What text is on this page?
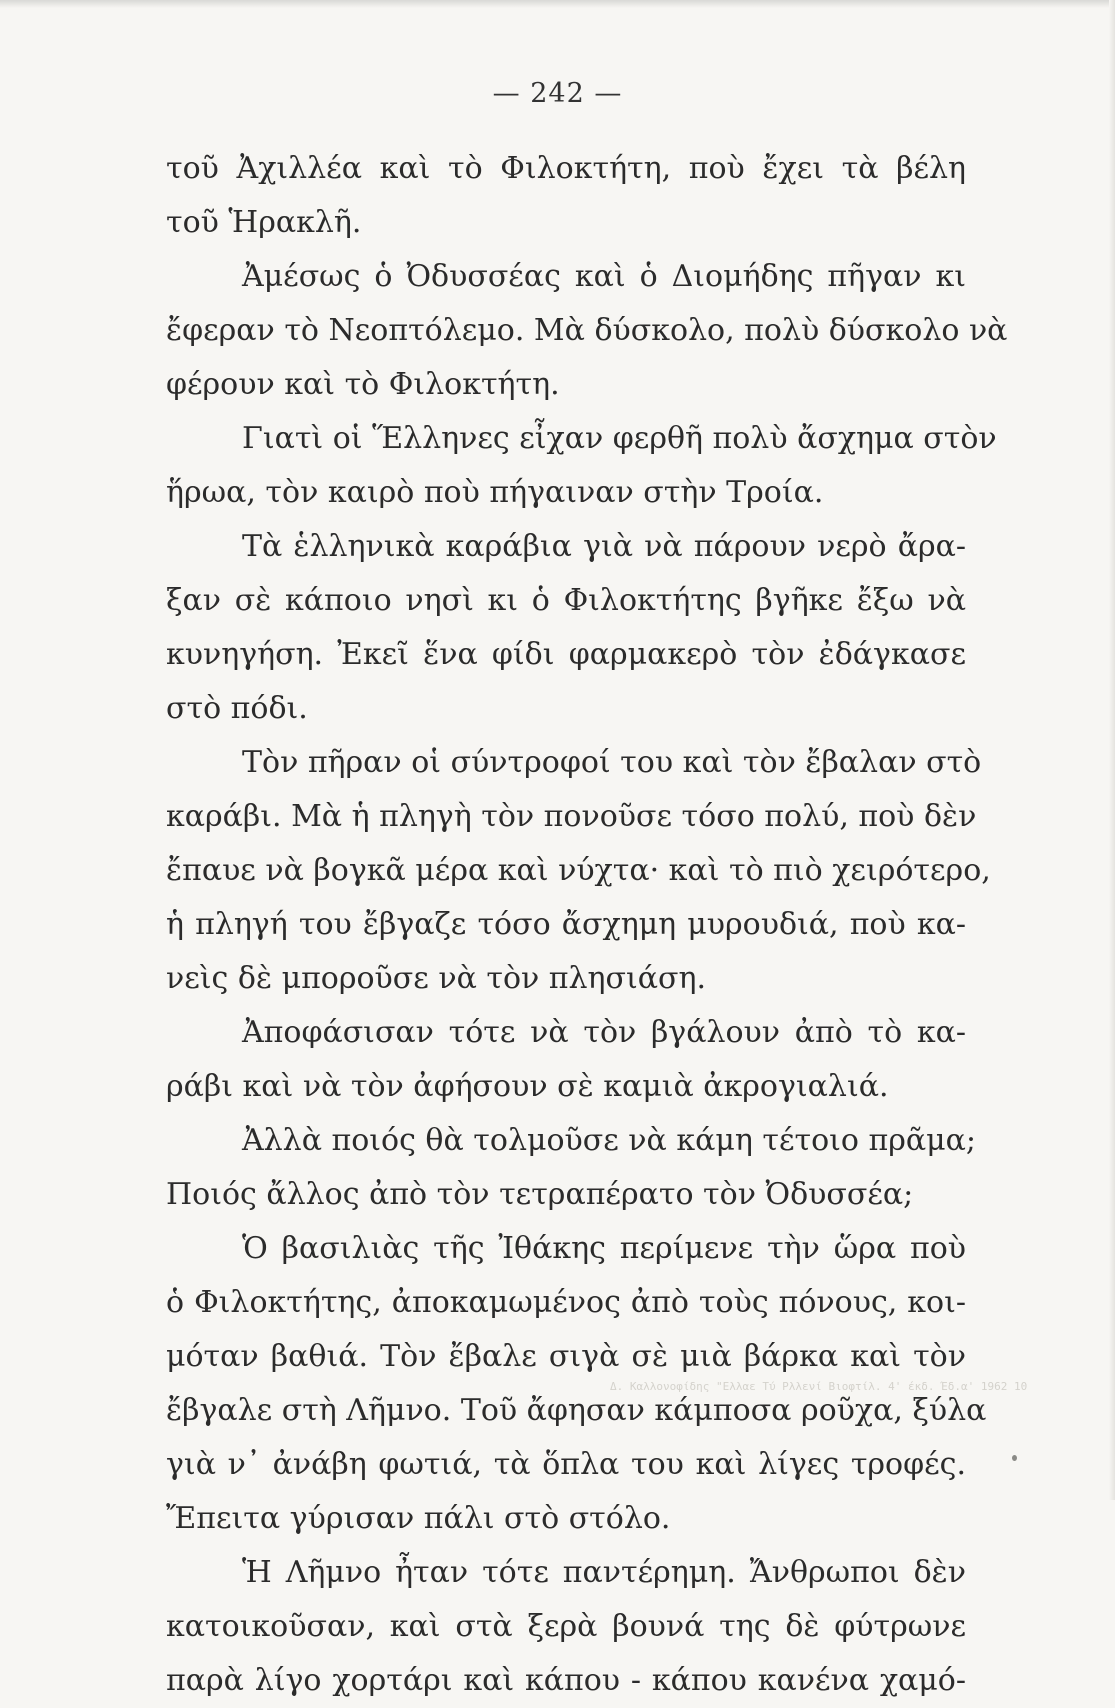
— 242 —
τοῦ Ἀχιλλέα καὶ τὸ Φιλοκτήτη, ποὺ ἔχει τὰ βέλη
τοῦ Ἡρακλῆ.
Ἀμέσως ὁ Ὀδυσσέας καὶ ὁ Διομήδης πῆγαν κι
ἔφεραν τὸ Νεοπτόλεμο. Μὰ δύσκολο, πολὺ δύσκολο νὰ
φέρουν καὶ τὸ Φιλοκτήτη.
Γιατὶ οἱ Ἕλληνες εἶχαν φερθῆ πολὺ ἄσχημα στὸν
ἥρωα, τὸν καιρὸ ποὺ πήγαιναν στὴν Τροία.
Τὰ ἑλληνικὰ καράβια γιὰ νὰ πάρουν νερὸ ἄρα-
ξαν σὲ κάποιο νησὶ κι ὁ Φιλοκτήτης βγῆκε ἔξω νὰ
κυνηγήση. Ἐκεῖ ἕνα φίδι φαρμακερὸ τὸν ἐδάγκασε
στὸ πόδι.
Τὸν πῆραν οἱ σύντροφοί του καὶ τὸν ἔβαλαν στὸ
καράβι. Μὰ ἡ πληγὴ τὸν πονοῦσε τόσο πολύ, ποὺ δὲν
ἔπαυε νὰ βογκᾶ μέρα καὶ νύχτα· καὶ τὸ πιὸ χειρότερο,
ἡ πληγή του ἔβγαζε τόσο ἄσχημη μυρουδιά, ποὺ κα-
νεὶς δὲ μποροῦσε νὰ τὸν πλησιάση.
Ἀποφάσισαν τότε νὰ τὸν βγάλουν ἀπὸ τὸ κα-
ράβι καὶ νὰ τὸν ἀφήσουν σὲ καμιὰ ἀκρογιαλιά.
Ἀλλὰ ποιός θὰ τολμοῦσε νὰ κάμη τέτοιο πρᾶμα;
Ποιός ἄλλος ἀπὸ τὸν τετραπέρατο τὸν Ὀδυσσέα;
Ὁ βασιλιὰς τῆς Ἰθάκης περίμενε τὴν ὥρα ποὺ
ὁ Φιλοκτήτης, ἀποκαμωμένος ἀπὸ τοὺς πόνους, κοι-
μόταν βαθιά. Τὸν ἔβαλε σιγὰ σὲ μιὰ βάρκα καὶ τὸν
ἔβγαλε στὴ Λῆμνο. Τοῦ ἄφησαν κάμποσα ροῦχα, ξύλα
γιὰ ν᾽ ἀνάβη φωτιά, τὰ ὅπλα του καὶ λίγες τροφές.
Ἔπειτα γύρισαν πάλι στὸ στόλο.
Ἡ Λῆμνο ἦταν τότε παντέρημη. Ἄνθρωποι δὲν
κατοικοῦσαν, καὶ στὰ ξερὰ βουνά της δὲ φύτρωνε
παρὰ λίγο χορτάρι καὶ κάπου - κάπου κανένα χαμό-
Δ. Καλλονοφίδης "Ελλαε Τύ Ρλλενί Βιοφτίλ. 4' έκδ. Έδ.α' 1962 10
